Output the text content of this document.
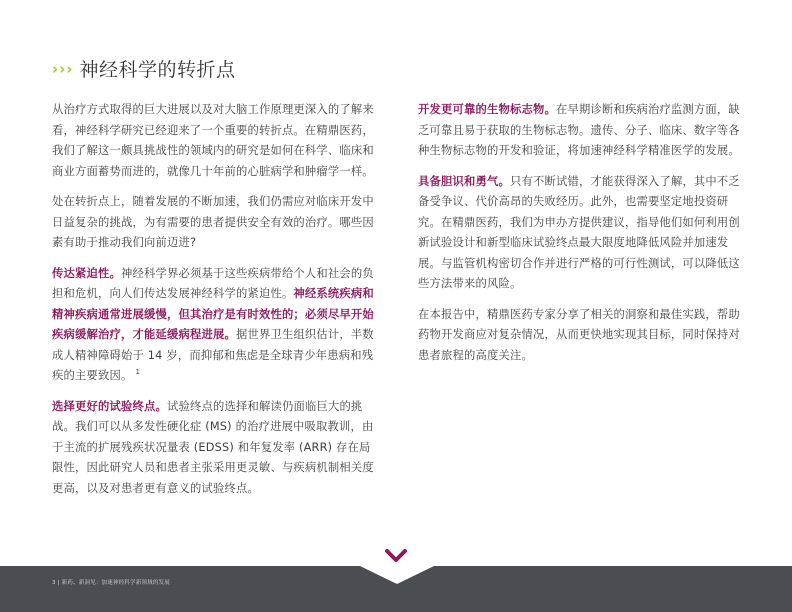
››› 神经科学的转折点

从治疗方式取得的巨大进展以及对大脑工作原理更深入的了解来看，神经科学研究已经迎来了一个重要的转折点。在精鼎医药，我们了解这一颇具挑战性的领域内的研究是如何在科学、临床和商业方面蓄势而进的，就像几十年前的心脏病学和肿瘤学一样。

处在转折点上，随着发展的不断加速，我们仍需应对临床开发中日益复杂的挑战，为有需要的患者提供安全有效的治疗。哪些因素有助于推动我们向前迈进?

传达紧迫性。神经科学界必须基于这些疾病带给个人和社会的负担和危机，向人们传达发展神经科学的紧迫性。神经系统疾病和精神疾病通常进展缓慢，但其治疗是有时效性的；必须尽早开始疾病缓解治疗，才能延缓病程进展。据世界卫生组织估计，半数成人精神障碍始于 14 岁，而抑郁和焦虑是全球青少年患病和残疾的主要致因。 $^1$

选择更好的试验终点。试验终点的选择和解读仍面临巨大的挑战。我们可以从多发性硬化症 (MS) 的治疗进展中吸取教训，由于主流的扩展残疾状况量表 (EDSS) 和年复发率 (ARR) 存在局限性，因此研究人员和患者主张采用更灵敏、与疾病机制相关度更高，以及对患者更有意义的试验终点。

开发更可靠的生物标志物。在早期诊断和疾病治疗监测方面，缺乏可靠且易于获取的生物标志物。遗传、分子、临床、数字等各种生物标志物的开发和验证，将加速神经科学精准医学的发展。

具备胆识和勇气。只有不断试错，才能获得深入了解，其中不乏备受争议、代价高昂的失败经历。此外，也需要坚定地投资研究。在精鼎医药，我们为申办方提供建议，指导他们如何利用创新试验设计和新型临床试验终点最大限度地降低风险并加速发展。与监管机构密切合作并进行严格的可行性测试，可以降低这些方法带来的风险。

在本报告中，精鼎医药专家分享了相关的洞察和最佳实践，帮助药物开发商应对复杂情况，从而更快地实现其目标，同时保持对患者旅程的高度关注。

3 | 新药、新洞见：加速神经科学新领域的发展
